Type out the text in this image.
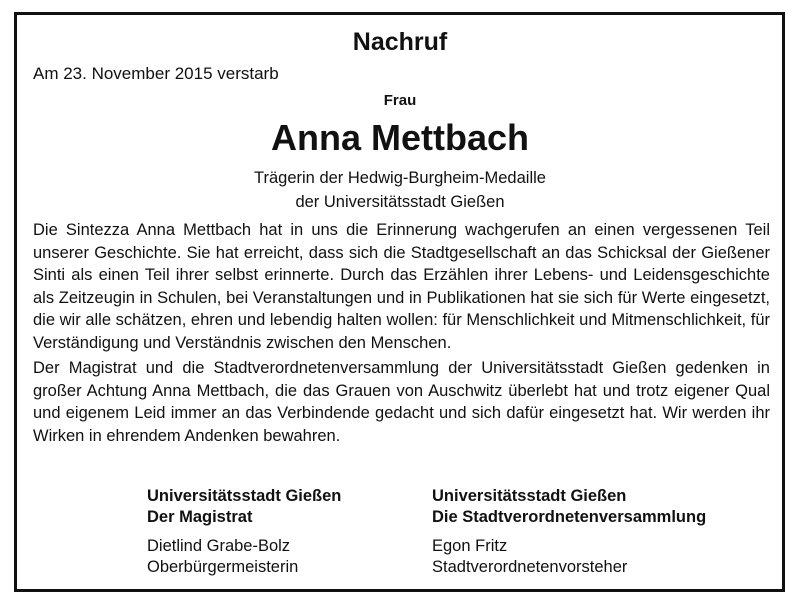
Nachruf
Am 23. November 2015 verstarb
Frau
Anna Mettbach
Trägerin der Hedwig-Burgheim-Medaille
der Universitätsstadt Gießen
Die Sintezza Anna Mettbach hat in uns die Erinnerung wachgerufen an einen vergessenen Teil unserer Geschichte. Sie hat erreicht, dass sich die Stadtgesellschaft an das Schicksal der Gießener Sinti als einen Teil ihrer selbst erinnerte. Durch das Erzählen ihrer Lebens- und Leidensgeschichte als Zeitzeugin in Schulen, bei Veranstaltungen und in Publikationen hat sie sich für Werte eingesetzt, die wir alle schätzen, ehren und lebendig halten wollen: für Menschlichkeit und Mitmenschlichkeit, für Verständigung und Verständnis zwischen den Menschen.
Der Magistrat und die Stadtverordnetenversammlung der Universitätsstadt Gießen gedenken in großer Achtung Anna Mettbach, die das Grauen von Auschwitz überlebt hat und trotz eigener Qual und eigenem Leid immer an das Verbindende gedacht und sich dafür eingesetzt hat. Wir werden ihr Wirken in ehrendem Andenken bewahren.
Universitätsstadt Gießen
Der Magistrat
Dietlind Grabe-Bolz
Oberbürgermeisterin
Universitätsstadt Gießen
Die Stadtverordnetenversammlung
Egon Fritz
Stadtverordnetenvorsteher
